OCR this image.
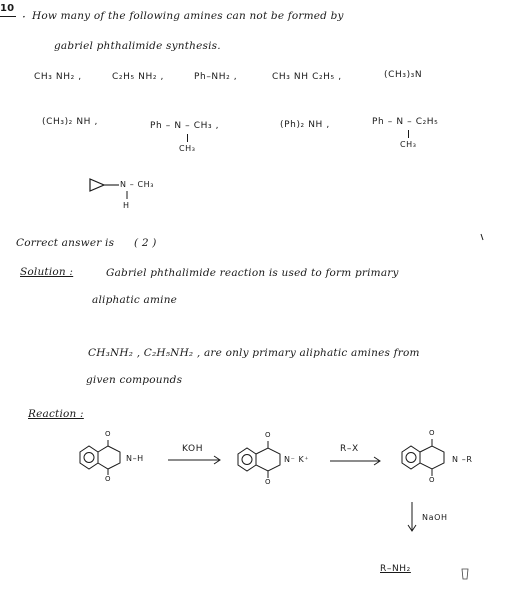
10
· How many of the following amines can not be formed by
gabriel phthalimide synthesis.
CH₃ NH₂ ,	C₂H₅ NH₂ ,	Ph–NH₂ ,	CH₃ NH C₂H₅ ,	(CH₃)₃N
(CH₃)₂ NH ,	Ph – N – CH₃ ,
CH₃
(Ph)₂ NH ,	Ph – N – C₂H₅
CH₃
N – CH₃
H
Correct answer is ( 2 )
Solution :	Gabriel phthalimide reaction is used to form primary
aliphatic amine
CH₃NH₂ , C₂H₅NH₂ , are only primary aliphatic amines from
given compounds
Reaction :
O
O
N–H
KOH
O
O
N⁻ K⁺
R–X
O
O
N –R
NaOH
R–NH₂
